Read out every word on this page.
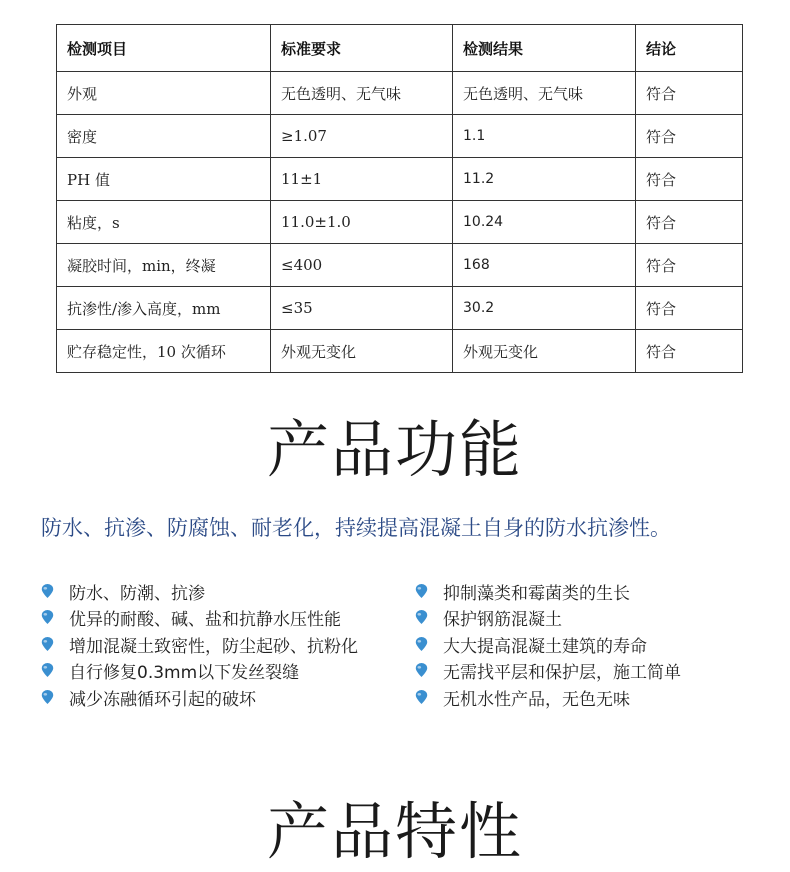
检测项目	标准要求	检测结果	结论
外观	无色透明、无气味	无色透明、无气味	符合
密度	≥1.07	1.1	符合
PH 值	11±1	11.2	符合
粘度，s	11.0±1.0	10.24	符合
凝胶时间，min，终凝	≤400	168	符合
抗渗性/渗入高度，mm	≤35	30.2	符合
贮存稳定性，10 次循环	外观无变化	外观无变化	符合
产品功能
防水、抗渗、防腐蚀、耐老化，持续提高混凝土自身的防水抗渗性。
防水、防潮、抗渗
优异的耐酸、碱、盐和抗静水压性能
增加混凝土致密性，防尘起砂、抗粉化
自行修复0.3mm以下发丝裂缝
减少冻融循环引起的破坏
抑制藻类和霉菌类的生长
保护钢筋混凝土
大大提高混凝土建筑的寿命
无需找平层和保护层，施工简单
无机水性产品，无色无味
产品特性
